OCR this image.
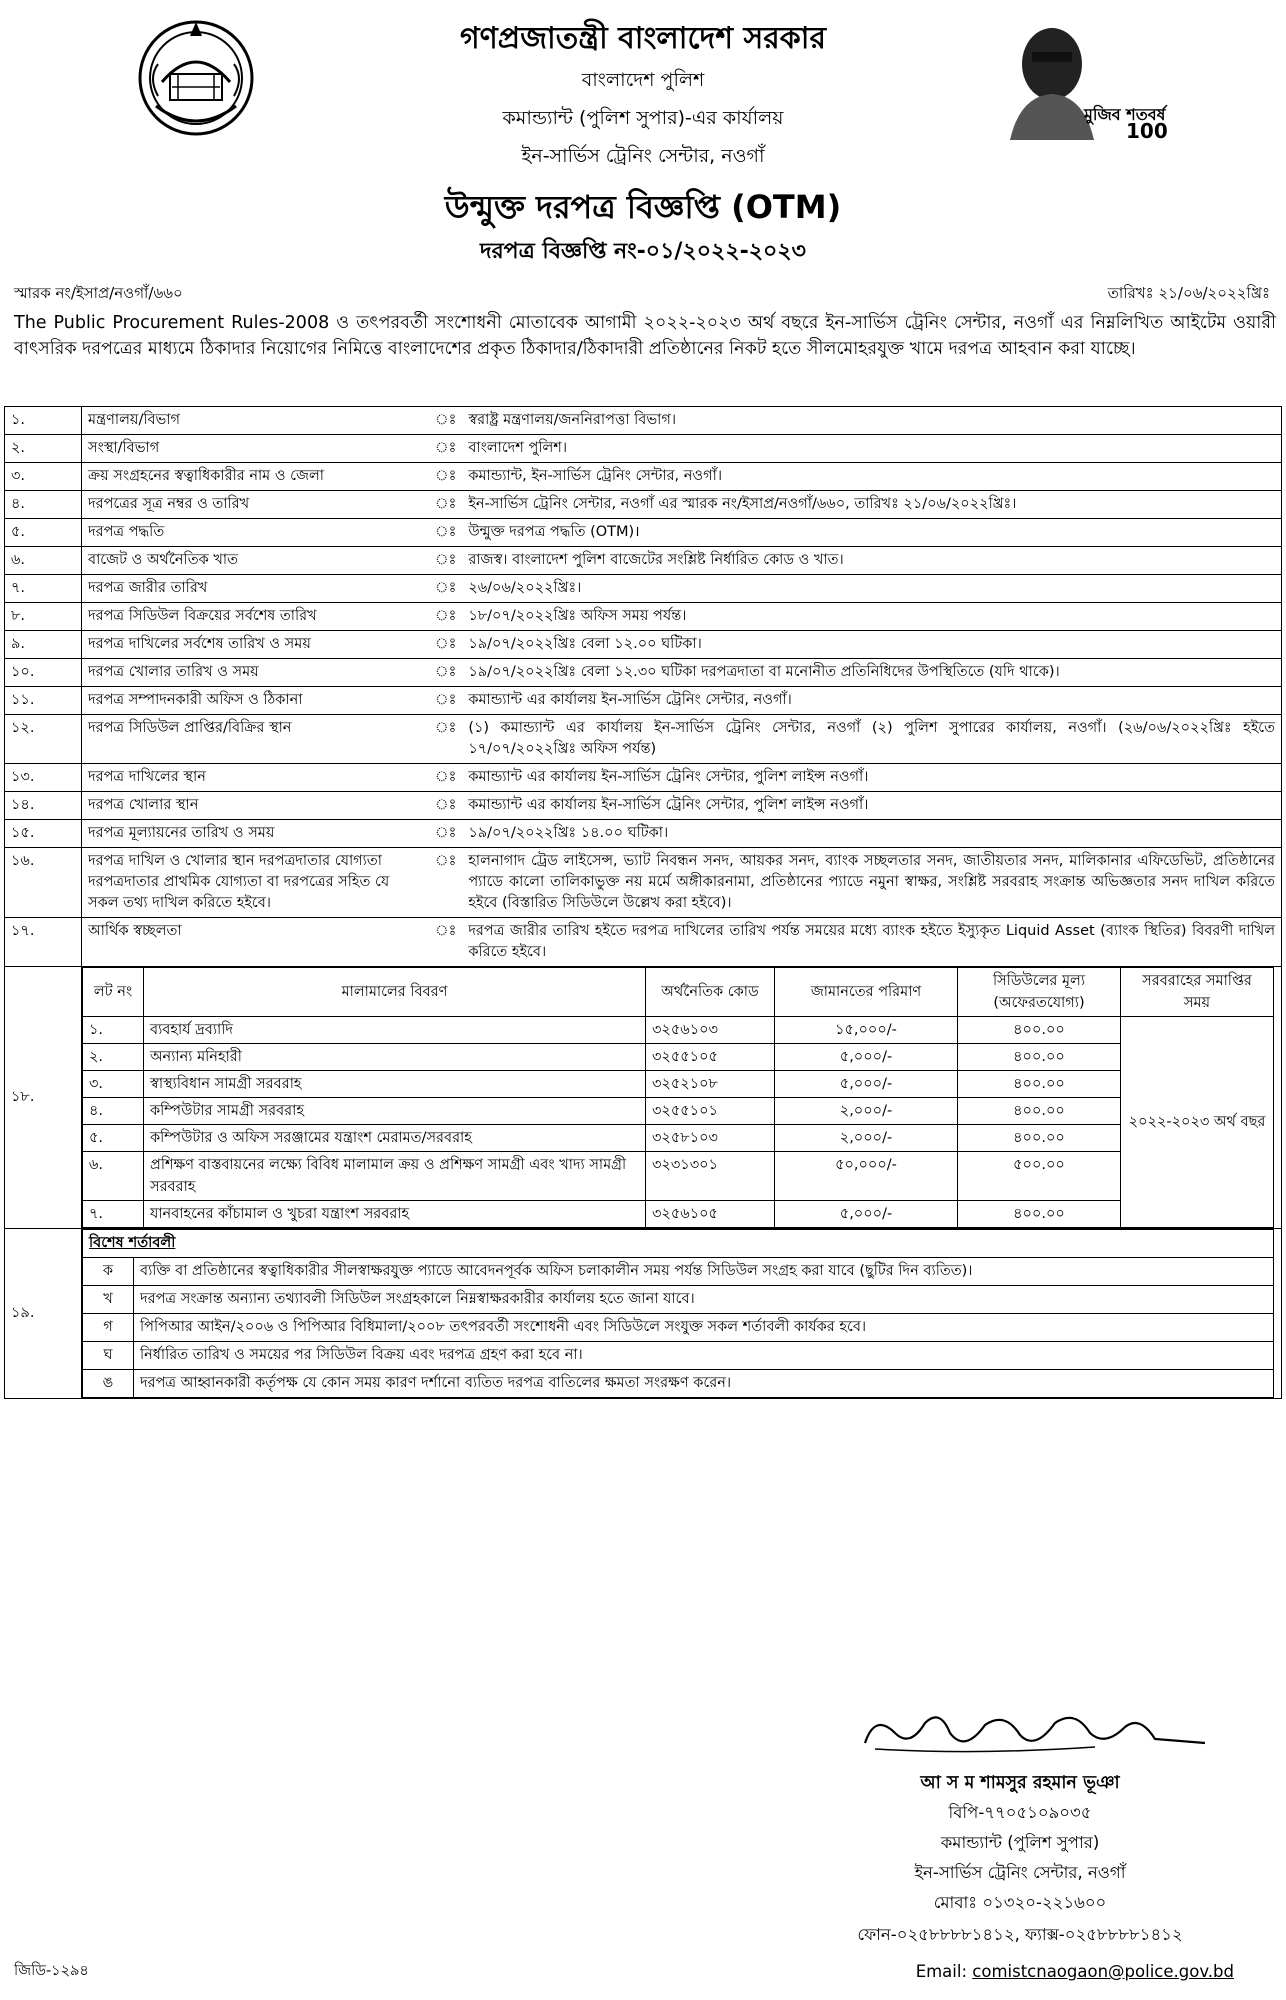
মুজিব শতবর্ষ
100
গণপ্রজাতন্ত্রী বাংলাদেশ সরকার
বাংলাদেশ পুলিশ
কমান্ড্যান্ট (পুলিশ সুপার)-এর কার্যালয়
ইন-সার্ভিস ট্রেনিং সেন্টার, নওগাঁ
উন্মুক্ত দরপত্র বিজ্ঞপ্তি (OTM)
দরপত্র বিজ্ঞপ্তি নং-০১/২০২২-২০২৩
স্মারক নং/ইসাপ্র/নওগাঁ/৬৬০	তারিখঃ ২১/০৬/২০২২খ্রিঃ
The Public Procurement Rules-2008 ও তৎপরবর্তী সংশোধনী মোতাবেক আগামী ২০২২-২০২৩ অর্থ বছরে ইন-সার্ভিস ট্রেনিং সেন্টার, নওগাঁ এর নিম্নলিখিত আইটেম ওয়ারী বাৎসরিক দরপত্রের মাধ্যমে ঠিকাদার নিয়োগের নিমিত্তে বাংলাদেশের প্রকৃত ঠিকাদার/ঠিকাদারী প্রতিষ্ঠানের নিকট হতে সীলমোহরযুক্ত খামে দরপত্র আহবান করা যাচ্ছে।
১.	মন্ত্রণালয়/বিভাগ	ঃ	স্বরাষ্ট্র মন্ত্রণালয়/জননিরাপত্তা বিভাগ।
২.	সংস্থা/বিভাগ	ঃ	বাংলাদেশ পুলিশ।
৩.	ক্রয় সংগ্রহনের স্বত্বাধিকারীর নাম ও জেলা	ঃ	কমান্ড্যান্ট, ইন-সার্ভিস ট্রেনিং সেন্টার, নওগাঁ।
৪.	দরপত্রের সূত্র নম্বর ও তারিখ	ঃ	ইন-সার্ভিস ট্রেনিং সেন্টার, নওগাঁ এর স্মারক নং/ইসাপ্র/নওগাঁ/৬৬০, তারিখঃ ২১/০৬/২০২২খ্রিঃ।
৫.	দরপত্র পদ্ধতি	ঃ	উন্মুক্ত দরপত্র পদ্ধতি (OTM)।
৬.	বাজেট ও অর্থনৈতিক খাত	ঃ	রাজস্ব। বাংলাদেশ পুলিশ বাজেটের সংশ্লিষ্ট নির্ধারিত কোড ও খাত।
৭.	দরপত্র জারীর তারিখ	ঃ	২৬/০৬/২০২২খ্রিঃ।
৮.	দরপত্র সিডিউল বিক্রয়ের সর্বশেষ তারিখ	ঃ	১৮/০৭/২০২২খ্রিঃ অফিস সময় পর্যন্ত।
৯.	দরপত্র দাখিলের সর্বশেষ তারিখ ও সময়	ঃ	১৯/০৭/২০২২খ্রিঃ বেলা ১২.০০ ঘটিকা।
১০.	দরপত্র খোলার তারিখ ও সময়	ঃ	১৯/০৭/২০২২খ্রিঃ বেলা ১২.৩০ ঘটিকা দরপত্রদাতা বা মনোনীত প্রতিনিধিদের উপস্থিতিতে (যদি থাকে)।
১১.	দরপত্র সম্পাদনকারী অফিস ও ঠিকানা	ঃ	কমান্ড্যান্ট এর কার্যালয় ইন-সার্ভিস ট্রেনিং সেন্টার, নওগাঁ।
১২.	দরপত্র সিডিউল প্রাপ্তির/বিক্রির স্থান	ঃ	(১) কমান্ড্যান্ট এর কার্যালয় ইন-সার্ভিস ট্রেনিং সেন্টার, নওগাঁ (২) পুলিশ সুপারের কার্যালয়, নওগাঁ। (২৬/০৬/২০২২খ্রিঃ হইতে ১৭/০৭/২০২২খ্রিঃ অফিস পর্যন্ত)
১৩.	দরপত্র দাখিলের স্থান	ঃ	কমান্ড্যান্ট এর কার্যালয় ইন-সার্ভিস ট্রেনিং সেন্টার, পুলিশ লাইন্স নওগাঁ।
১৪.	দরপত্র খোলার স্থান	ঃ	কমান্ড্যান্ট এর কার্যালয় ইন-সার্ভিস ট্রেনিং সেন্টার, পুলিশ লাইন্স নওগাঁ।
১৫.	দরপত্র মূল্যায়নের তারিখ ও সময়	ঃ	১৯/০৭/২০২২খ্রিঃ ১৪.০০ ঘটিকা।
১৬.	দরপত্র দাখিল ও খোলার স্থান দরপত্রদাতার যোগ্যতা দরপত্রদাতার প্রাথমিক যোগ্যতা বা দরপত্রের সহিত যে সকল তথ্য দাখিল করিতে হইবে।	ঃ	হালনাগাদ ট্রেড লাইসেন্স, ভ্যাট নিবন্ধন সনদ, আয়কর সনদ, ব্যাংক সচ্ছলতার সনদ, জাতীয়তার সনদ, মালিকানার এফিডেভিট, প্রতিষ্ঠানের প্যাডে কালো তালিকাভুক্ত নয় মর্মে অঙ্গীকারনামা, প্রতিষ্ঠানের প্যাডে নমুনা স্বাক্ষর, সংশ্লিষ্ট সরবরাহ সংক্রান্ত অভিজ্ঞতার সনদ দাখিল করিতে হইবে (বিস্তারিত সিডিউলে উল্লেখ করা হইবে)।
১৭.	আর্থিক স্বচ্ছলতা	ঃ	দরপত্র জারীর তারিখ হইতে দরপত্র দাখিলের তারিখ পর্যন্ত সময়ের মধ্যে ব্যাংক হইতে ইস্যুকৃত Liquid Asset (ব্যাংক স্থিতির) বিবরণী দাখিল করিতে হইবে।
১৮.	
লট নং	মালামালের বিবরণ	অর্থনৈতিক কোড	জামানতের পরিমাণ	সিডিউলের মূল্য (অফেরতযোগ্য)	সরবরাহের সমাপ্তির সময়
১.	ব্যবহার্য দ্রব্যাদি	৩২৫৬১০৩	১৫,০০০/-	৪০০.০০	২০২২-২০২৩ অর্থ বছর
২.	অন্যান্য মনিহারী	৩২৫৫১০৫	৫,০০০/-	৪০০.০০
৩.	স্বাস্থ্যবিধান সামগ্রী সরবরাহ	৩২৫২১০৮	৫,০০০/-	৪০০.০০
৪.	কম্পিউটার সামগ্রী সরবরাহ	৩২৫৫১০১	২,০০০/-	৪০০.০০
৫.	কম্পিউটার ও অফিস সরঞ্জামের যন্ত্রাংশ মেরামত/সরবরাহ	৩২৫৮১০৩	২,০০০/-	৪০০.০০
৬.	প্রশিক্ষণ বাস্তবায়নের লক্ষ্যে বিবিধ মালামাল ক্রয় ও প্রশিক্ষণ সামগ্রী এবং খাদ্য সামগ্রী সরবরাহ	৩২৩১৩০১	৫০,০০০/-	৫০০.০০
৭.	যানবাহনের কাঁচামাল ও খুচরা যন্ত্রাংশ সরবরাহ	৩২৫৬১০৫	৫,০০০/-	৪০০.০০

১৯.	
বিশেষ শর্তাবলী
ক	ব্যক্তি বা প্রতিষ্ঠানের স্বত্বাধিকারীর সীলস্বাক্ষরযুক্ত প্যাডে আবেদনপূর্বক অফিস চলাকালীন সময় পর্যন্ত সিডিউল সংগ্রহ করা যাবে (ছুটির দিন ব্যতিত)।
খ	দরপত্র সংক্রান্ত অন্যান্য তথ্যাবলী সিডিউল সংগ্রহকালে নিম্নস্বাক্ষরকারীর কার্যালয় হতে জানা যাবে।
গ	পিপিআর আইন/২০০৬ ও পিপিআর বিধিমালা/২০০৮ তৎপরবর্তী সংশোধনী এবং সিডিউলে সংযুক্ত সকল শর্তাবলী কার্যকর হবে।
ঘ	নির্ধারিত তারিখ ও সময়ের পর সিডিউল বিক্রয় এবং দরপত্র গ্রহণ করা হবে না।
ঙ	দরপত্র আহ্বানকারী কর্তৃপক্ষ যে কোন সময় কারণ দর্শানো ব্যতিত দরপত্র বাতিলের ক্ষমতা সংরক্ষণ করেন।
আ স ম শামসুর রহমান ভূঞা
বিপি-৭৭০৫১০৯০৩৫
কমান্ড্যান্ট (পুলিশ সুপার)
ইন-সার্ভিস ট্রেনিং সেন্টার, নওগাঁ
মোবাঃ ০১৩২০-২২১৬০০
ফোন-০২৫৮৮৮৮১৪১২, ফ্যাক্স-০২৫৮৮৮৮১৪১২
জিডি-১২৯৪	Email: comistcnaogaon@police.gov.bd
